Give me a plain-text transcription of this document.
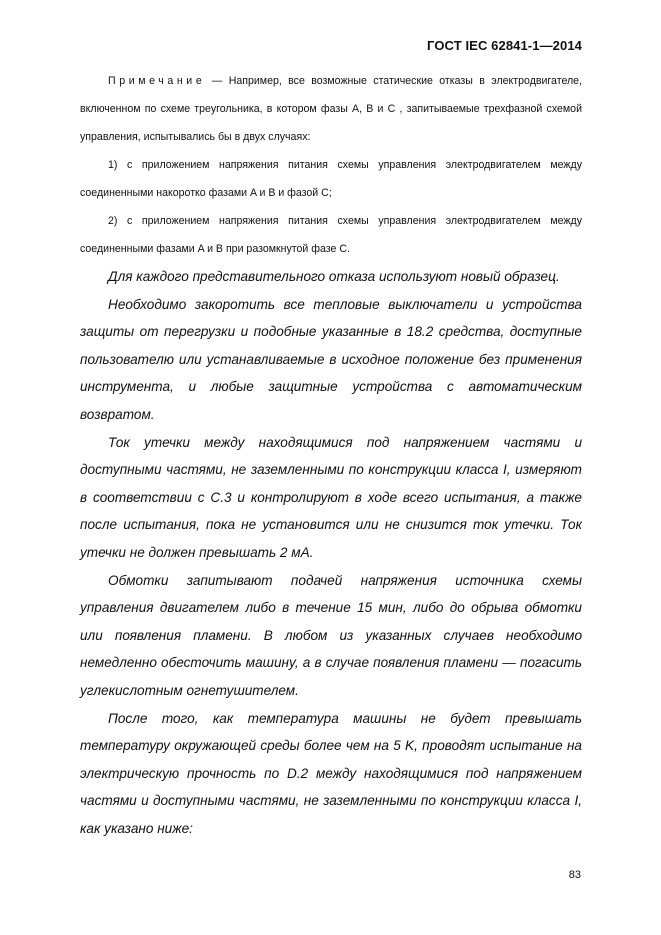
ГОСТ IEC 62841-1—2014

Примечание — Например, все возможные статические отказы в электродвигателе, включенном по схеме треугольника, в котором фазы A, B и C , запитываемые трехфазной схемой управления, испытывались бы в двух случаях:

1) с приложением напряжения питания схемы управления электродвигателем между соединенными накоротко фазами A и B и фазой C;

2) с приложением напряжения питания схемы управления электродвигателем между соединенными фазами A и B при разомкнутой фазе C.

Для каждого представительного отказа используют новый образец.

Необходимо закоротить все тепловые выключатели и устройства защиты от перегрузки и подобные указанные в 18.2 средства, доступные пользователю или устанавливаемые в исходное положение без применения инструмента, и любые защитные устройства с автоматическим возвратом.

Ток утечки между находящимися под напряжением частями и доступными частями, не заземленными по конструкции класса I, измеряют в соответствии с C.3 и контролируют в ходе всего испытания, а также после испытания, пока не установится или не снизится ток утечки. Ток утечки не должен превышать 2 мА.

Обмотки запитывают подачей напряжения источника схемы управления двигателем либо в течение 15 мин, либо до обрыва обмотки или появления пламени. В любом из указанных случаев необходимо немедленно обесточить машину, а в случае появления пламени — погасить углекислотным огнетушителем.

После того, как температура машины не будет превышать температуру окружающей среды более чем на 5 K, проводят испытание на электрическую прочность по D.2 между находящимися под напряжением частями и доступными частями, не заземленными по конструкции класса I, как указано ниже:

83
